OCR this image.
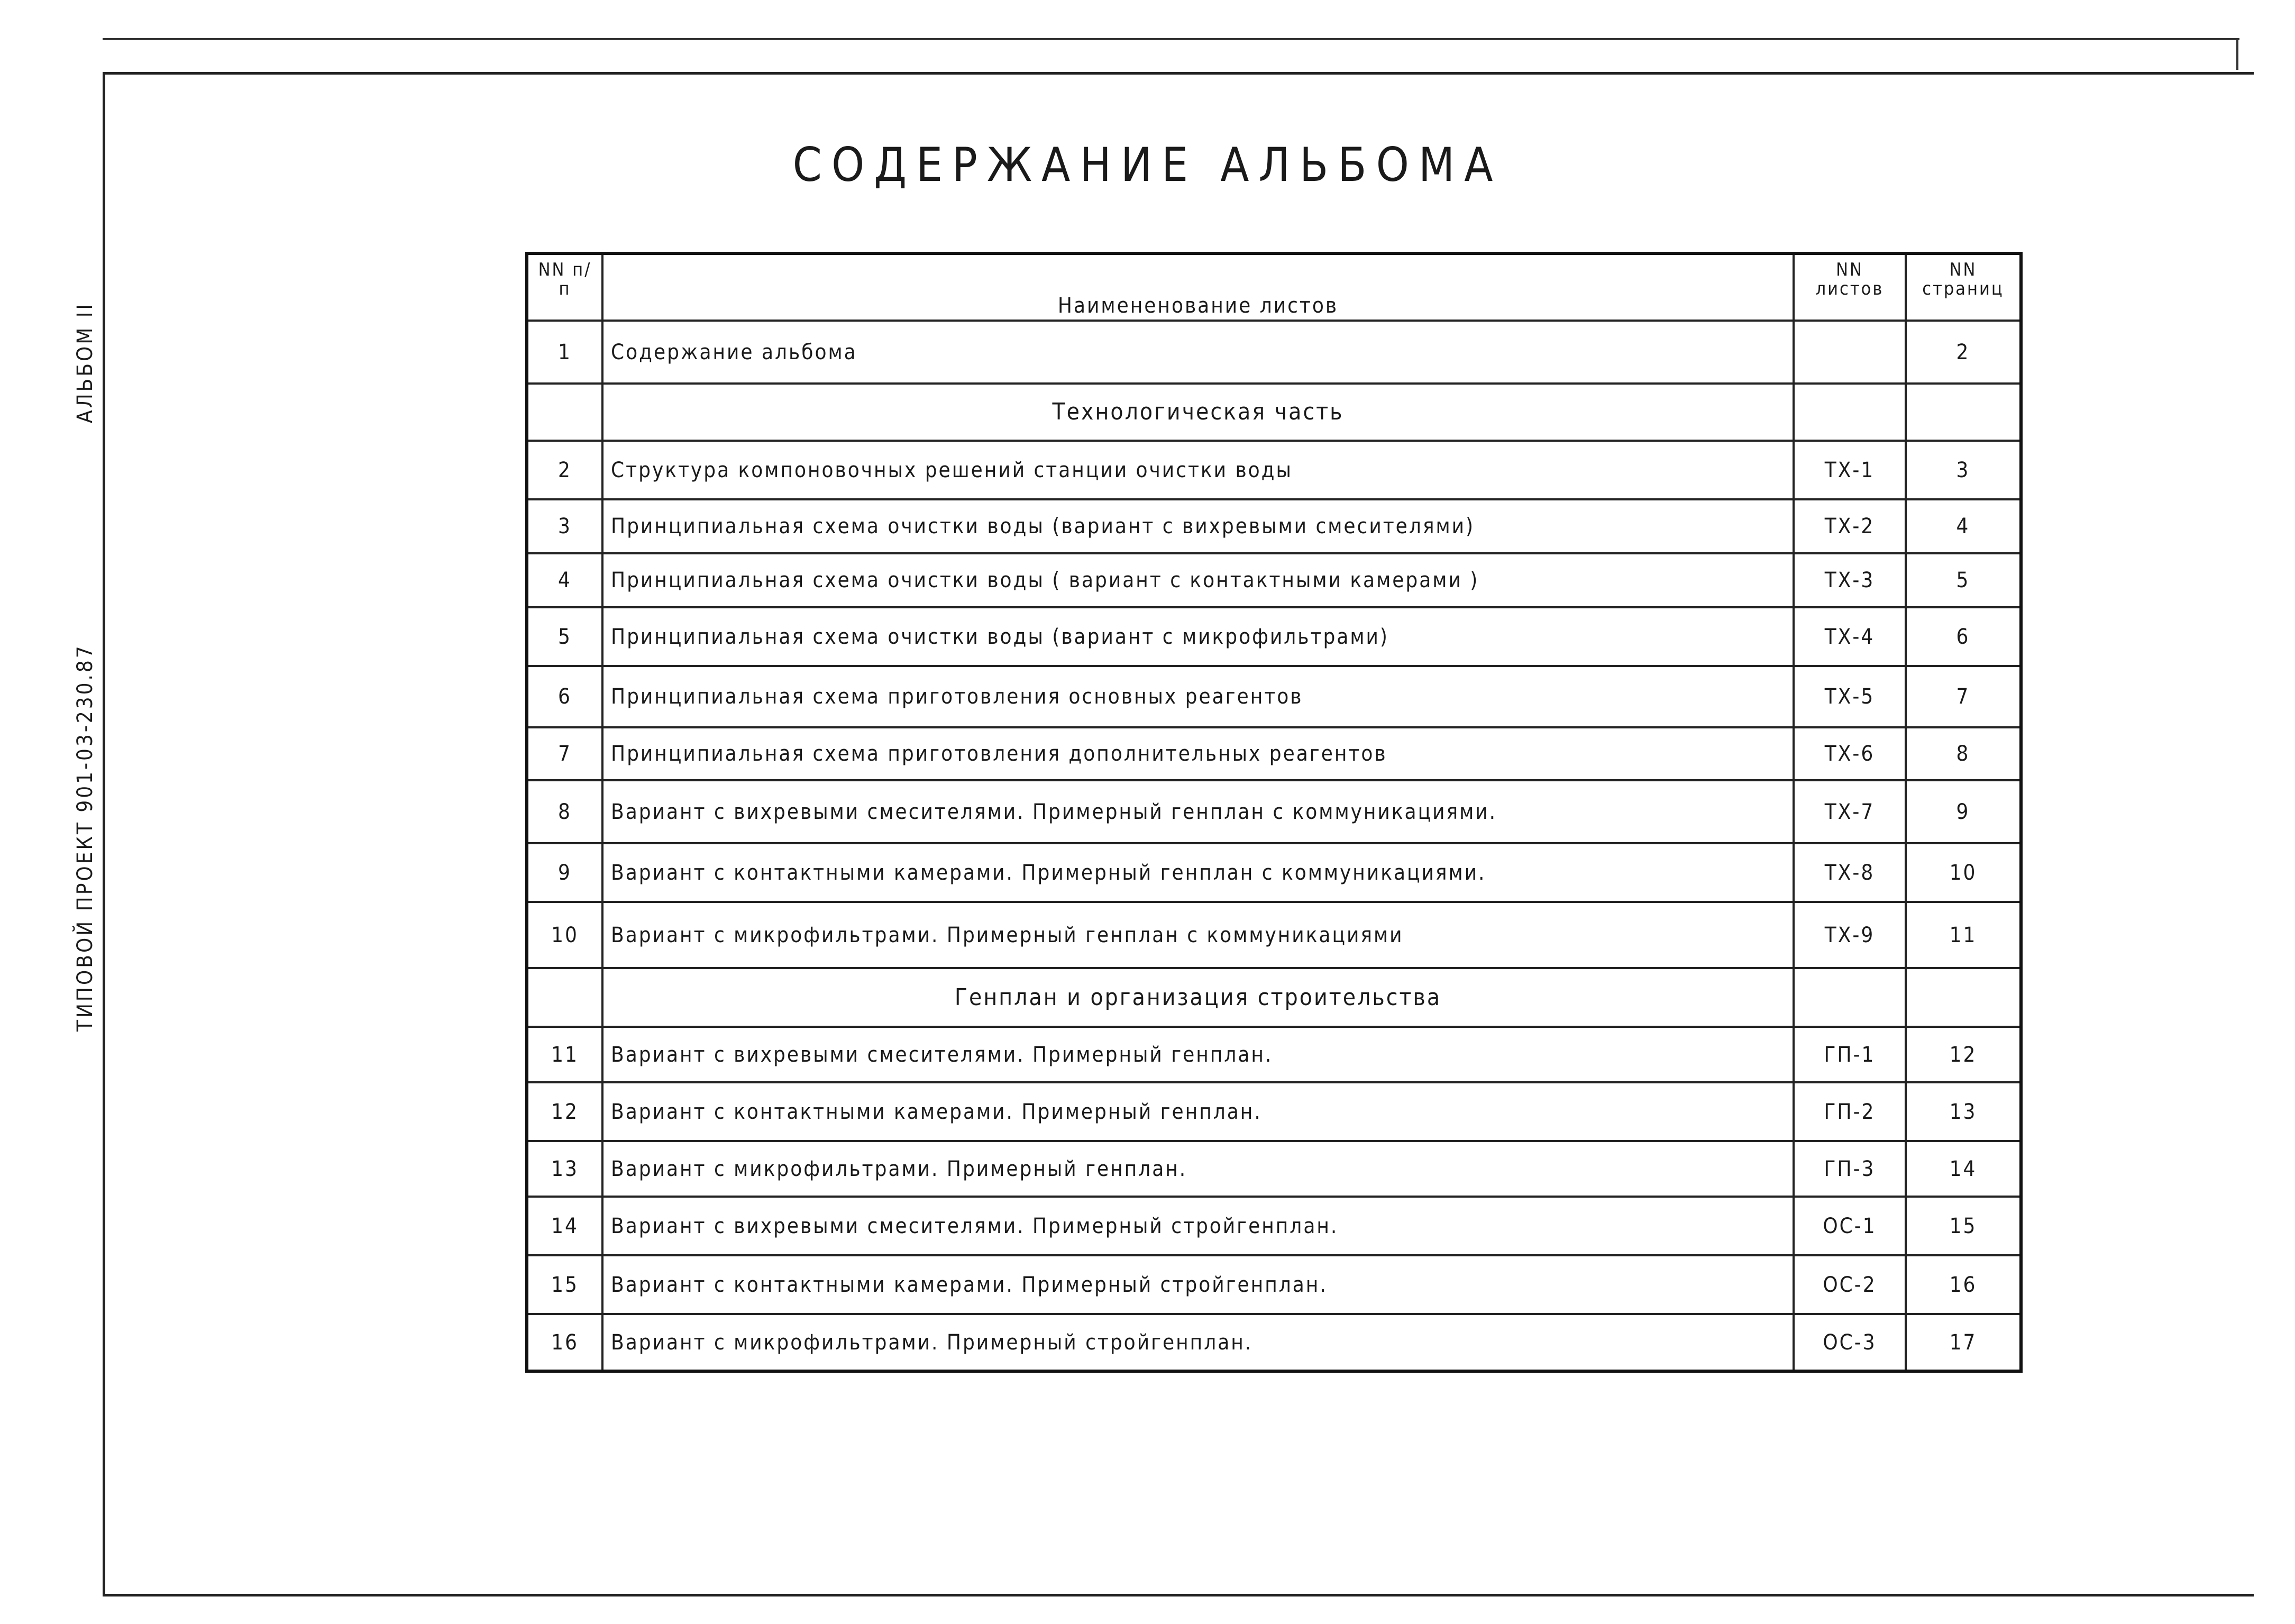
АЛЬБОМ II
ТИПОВОЙ ПРОЕКТ 901-03-230.87
СОДЕРЖАНИЕ АЛЬБОМА
NN п/п	Наимененование листов	NN листов	NN страниц
1	Содержание альбома		2
	Технологическая часть		
2	Структура компоновочных решений станции очистки воды	ТХ-1	3
3	Принципиальная схема очистки воды (вариант с вихревыми смесителями)	ТХ-2	4
4	Принципиальная схема очистки воды ( вариант с контактными камерами )	ТХ-3	5
5	Принципиальная схема очистки воды (вариант с микрофильтрами)	ТХ-4	6
6	Принципиальная схема приготовления основных реагентов	ТХ-5	7
7	Принципиальная схема приготовления дополнительных реагентов	ТХ-6	8
8	Вариант с вихревыми смесителями. Примерный генплан с коммуникациями.	ТХ-7	9
9	Вариант с контактными камерами. Примерный генплан с коммуникациями.	ТХ-8	10
10	Вариант с микрофильтрами. Примерный генплан с коммуникациями	ТХ-9	11
	Генплан и организация строительства		
11	Вариант с вихревыми смесителями. Примерный генплан.	ГП-1	12
12	Вариант с контактными камерами. Примерный генплан.	ГП-2	13
13	Вариант с микрофильтрами. Примерный генплан.	ГП-3	14
14	Вариант с вихревыми смесителями. Примерный стройгенплан.	ОС-1	15
15	Вариант с контактными камерами. Примерный стройгенплан.	ОС-2	16
16	Вариант с микрофильтрами. Примерный стройгенплан.	ОС-3	17
